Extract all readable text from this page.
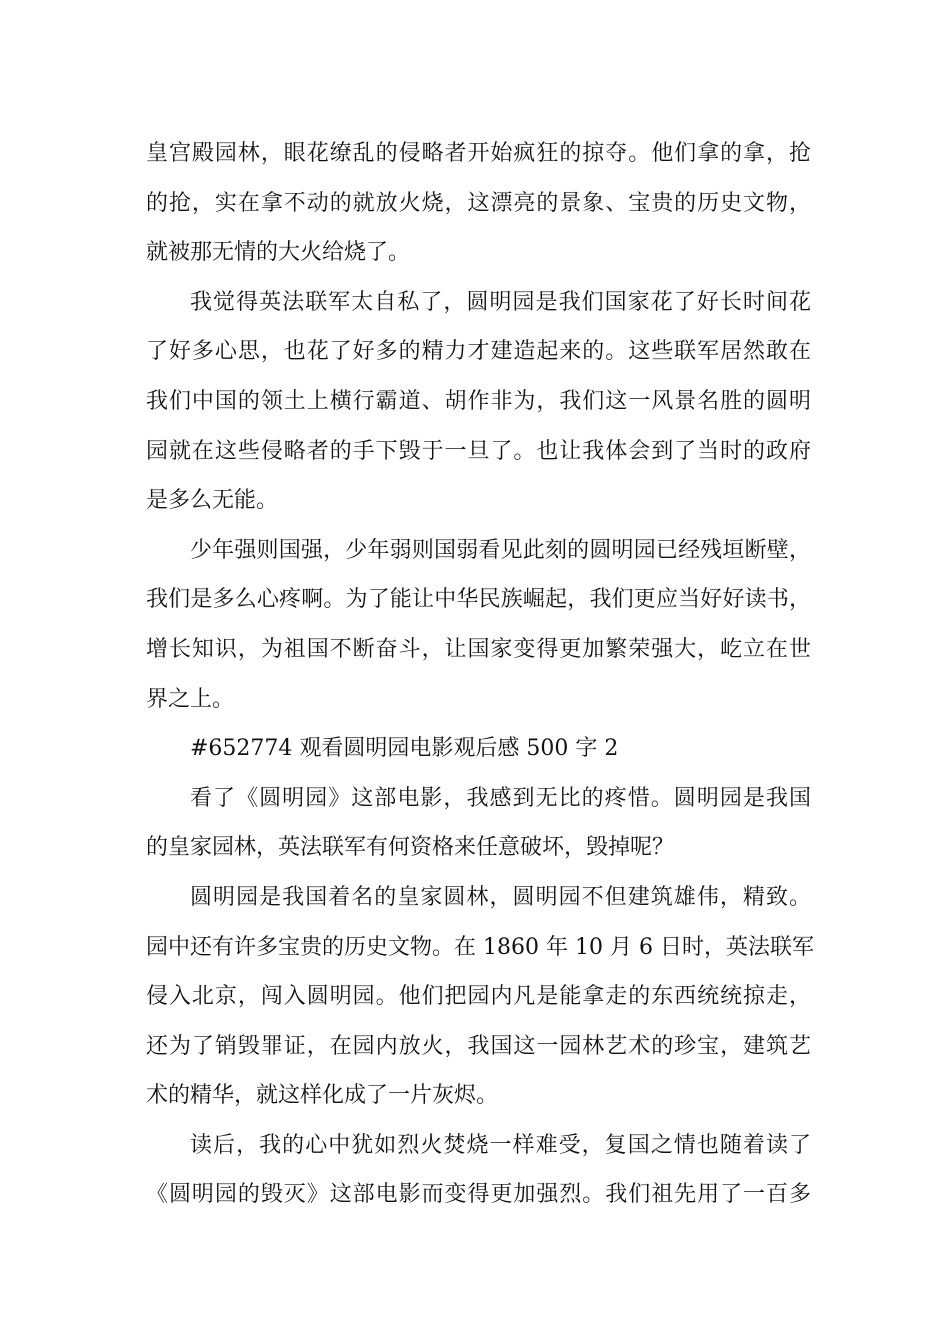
皇宫殿园林，眼花缭乱的侵略者开始疯狂的掠夺。他们拿的拿，抢
的抢，实在拿不动的就放火烧，这漂亮的景象、宝贵的历史文物，
就被那无情的大火给烧了。
我觉得英法联军太自私了，圆明园是我们国家花了好长时间花
了好多心思，也花了好多的精力才建造起来的。这些联军居然敢在
我们中国的领土上横行霸道、胡作非为，我们这一风景名胜的圆明
园就在这些侵略者的手下毁于一旦了。也让我体会到了当时的政府
是多么无能。
少年强则国强，少年弱则国弱看见此刻的圆明园已经残垣断壁，
我们是多么心疼啊。为了能让中华民族崛起，我们更应当好好读书，
增长知识，为祖国不断奋斗，让国家变得更加繁荣强大，屹立在世
界之上。
#652774 观看圆明园电影观后感 500 字 2
看了《圆明园》这部电影，我感到无比的疼惜。圆明园是我国
的皇家园林，英法联军有何资格来任意破坏，毁掉呢？
圆明园是我国着名的皇家圆林，圆明园不但建筑雄伟，精致。
园中还有许多宝贵的历史文物。在 1860 年 10 月 6 日时，英法联军
侵入北京，闯入圆明园。他们把园内凡是能拿走的东西统统掠走，
还为了销毁罪证，在园内放火，我国这一园林艺术的珍宝，建筑艺
术的精华，就这样化成了一片灰烬。
读后，我的心中犹如烈火焚烧一样难受，复国之情也随着读了
《圆明园的毁灭》这部电影而变得更加强烈。我们祖先用了一百多
